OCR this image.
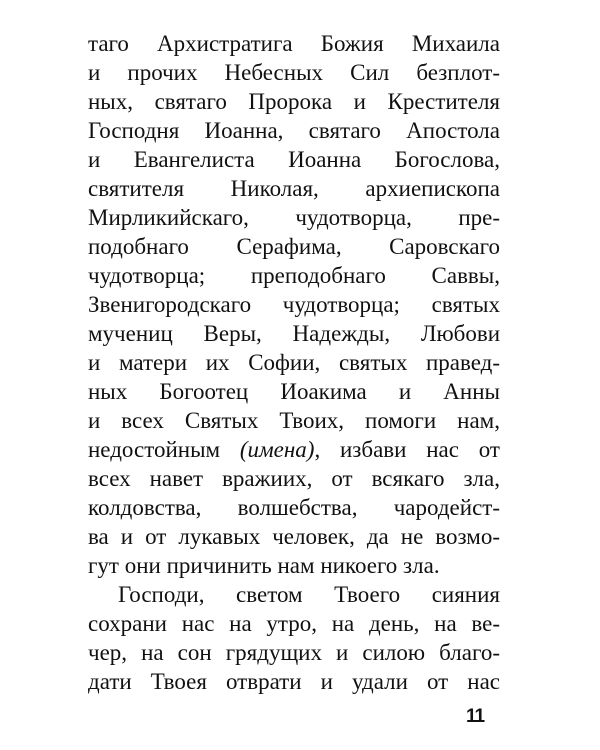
таго Архистратига Божия Михаила
и прочих Небесных Сил безплот-
ных, святаго Пророка и Крестителя
Господня Иоанна, святаго Апостола
и Евангелиста Иоанна Богослова,
святителя Николая, архиепископа
Мирликийскаго, чудотворца, пре-
подобнаго Серафима, Саровскаго
чудотворца; преподобнаго Саввы,
Звенигородскаго чудотворца; святых
мучениц Веры, Надежды, Любови
и матери их Софии, святых правед-
ных Богоотец Иоакима и Анны
и всех Святых Твоих, помоги нам,
недостойным (имена), избави нас от
всех навет вражиих, от всякаго зла,
колдовства, волшебства, чародейст-
ва и от лукавых человек, да не возмо-
гут они причинить нам никоего зла.
Господи, светом Твоего сияния
сохрани нас на утро, на день, на ве-
чер, на сон грядущих и силою благо-
дати Твоея отврати и удали от нас
11
